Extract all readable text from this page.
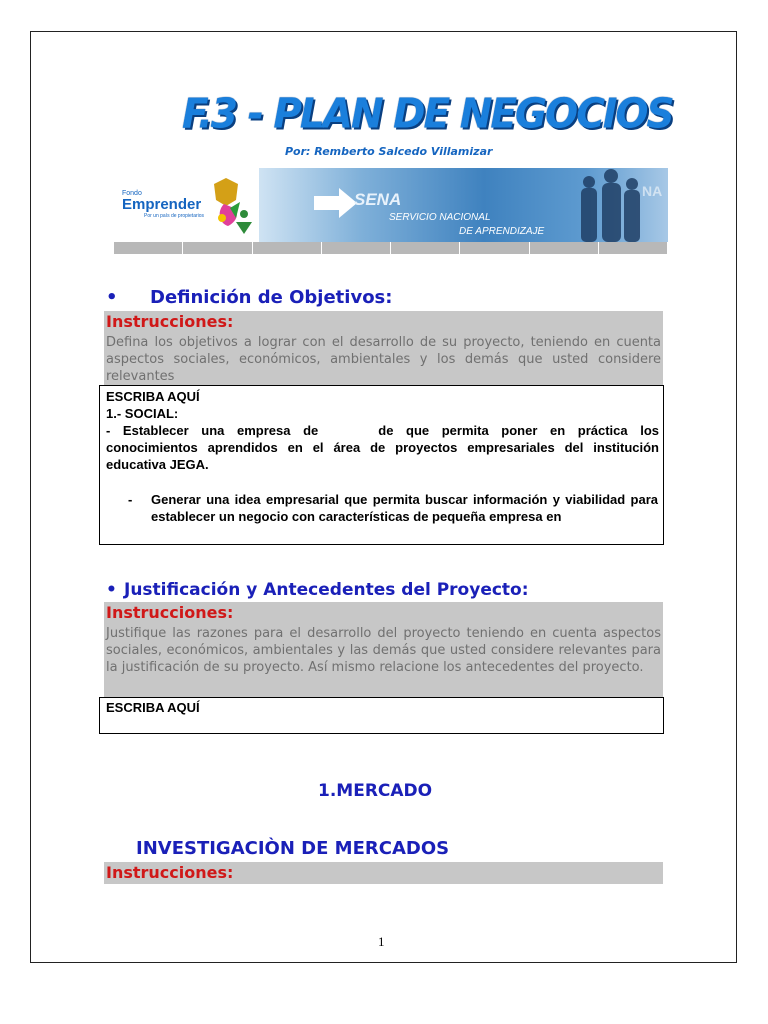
F.3 - PLAN DE NEGOCIOS
Por: Remberto Salcedo Villamizar
Fondo
Emprender
Por un país de propietarios
SENA
SERVICIO NACIONAL
DE APRENDIZAJE
NA
• Definición de Objetivos:
Instrucciones:
Defina los objetivos a lograr con el desarrollo de su proyecto, teniendo en cuenta aspectos sociales, económicos, ambientales y los demás que usted considere relevantes
ESCRIBA AQUÍ
1.- SOCIAL:
- Establecer una empresa de	de que permita poner en práctica los conocimientos aprendidos en el área de proyectos empresariales del institución educativa JEGA.
- Generar una idea empresarial que permita buscar información y viabilidad para establecer un negocio con características de pequeña empresa en
• Justificación y Antecedentes del Proyecto:
Instrucciones:
Justifique las razones para el desarrollo del proyecto teniendo en cuenta aspectos sociales, económicos, ambientales y las demás que usted considere relevantes para la justificación de su proyecto. Así mismo relacione los antecedentes del proyecto.
ESCRIBA AQUÍ
1.MERCADO
INVESTIGACIÒN DE MERCADOS
Instrucciones:
1
